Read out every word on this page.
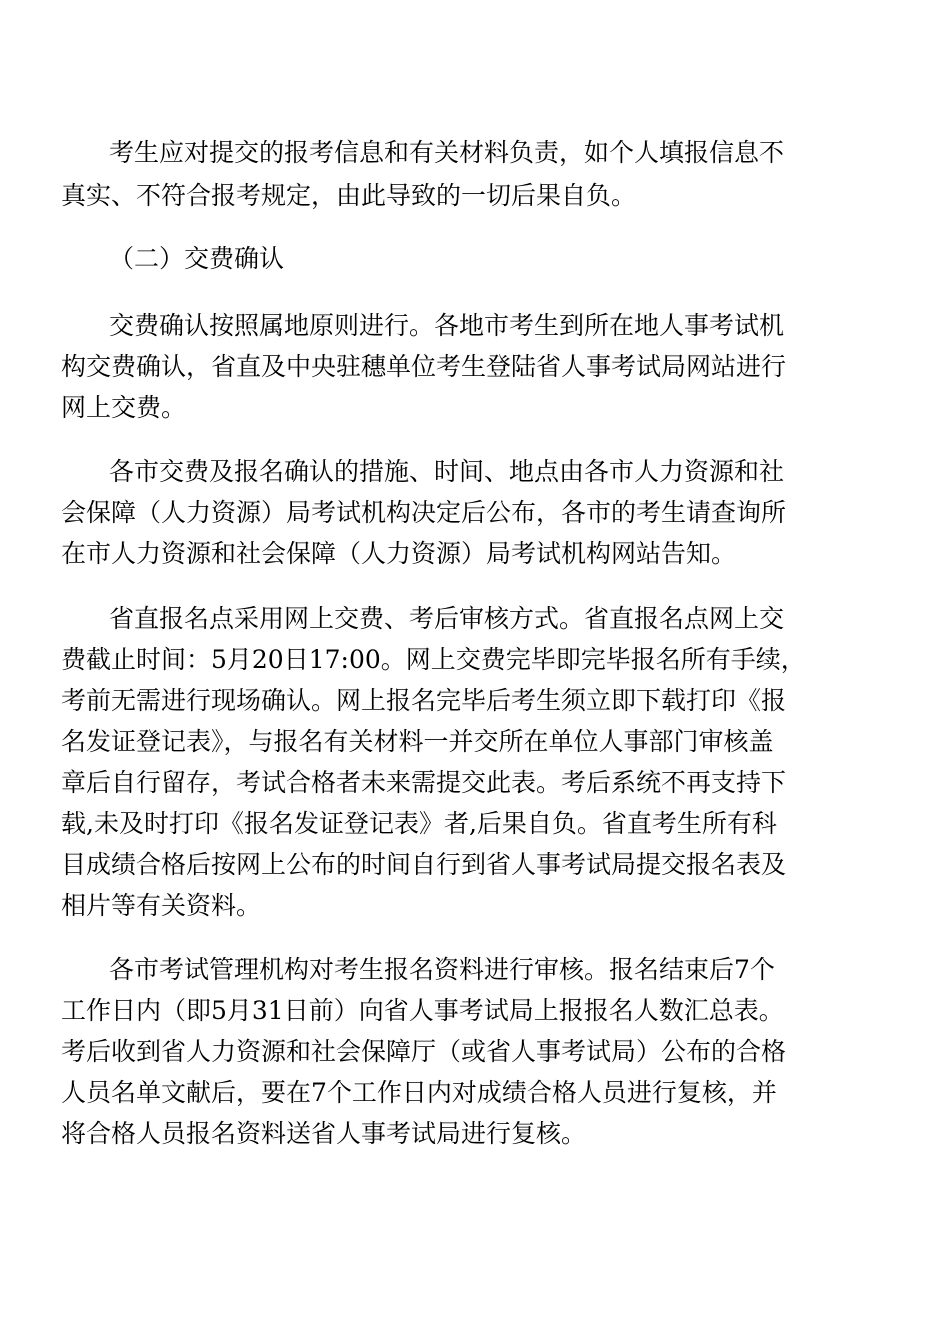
考生应对提交的报考信息和有关材料负责，如个人填报信息不

真实、不符合报考规定，由此导致的一切后果自负。

（二）交费确认

交费确认按照属地原则进行。各地市考生到所在地人事考试机

构交费确认，省直及中央驻穗单位考生登陆省人事考试局网站进行

网上交费。

各市交费及报名确认的措施、时间、地点由各市人力资源和社

会保障（人力资源）局考试机构决定后公布，各市的考生请查询所

在市人力资源和社会保障（人力资源）局考试机构网站告知。

省直报名点采用网上交费、考后审核方式。省直报名点网上交

费截止时间：5月20日17:00。网上交费完毕即完毕报名所有手续，

考前无需进行现场确认。网上报名完毕后考生须立即下载打印《报

名发证登记表》，与报名有关材料一并交所在单位人事部门审核盖

章后自行留存，考试合格者未来需提交此表。考后系统不再支持下

载,未及时打印《报名发证登记表》者,后果自负。省直考生所有科

目成绩合格后按网上公布的时间自行到省人事考试局提交报名表及

相片等有关资料。

各市考试管理机构对考生报名资料进行审核。报名结束后7个

工作日内（即5月31日前）向省人事考试局上报报名人数汇总表。

考后收到省人力资源和社会保障厅（或省人事考试局）公布的合格

人员名单文献后，要在7个工作日内对成绩合格人员进行复核，并

将合格人员报名资料送省人事考试局进行复核。
